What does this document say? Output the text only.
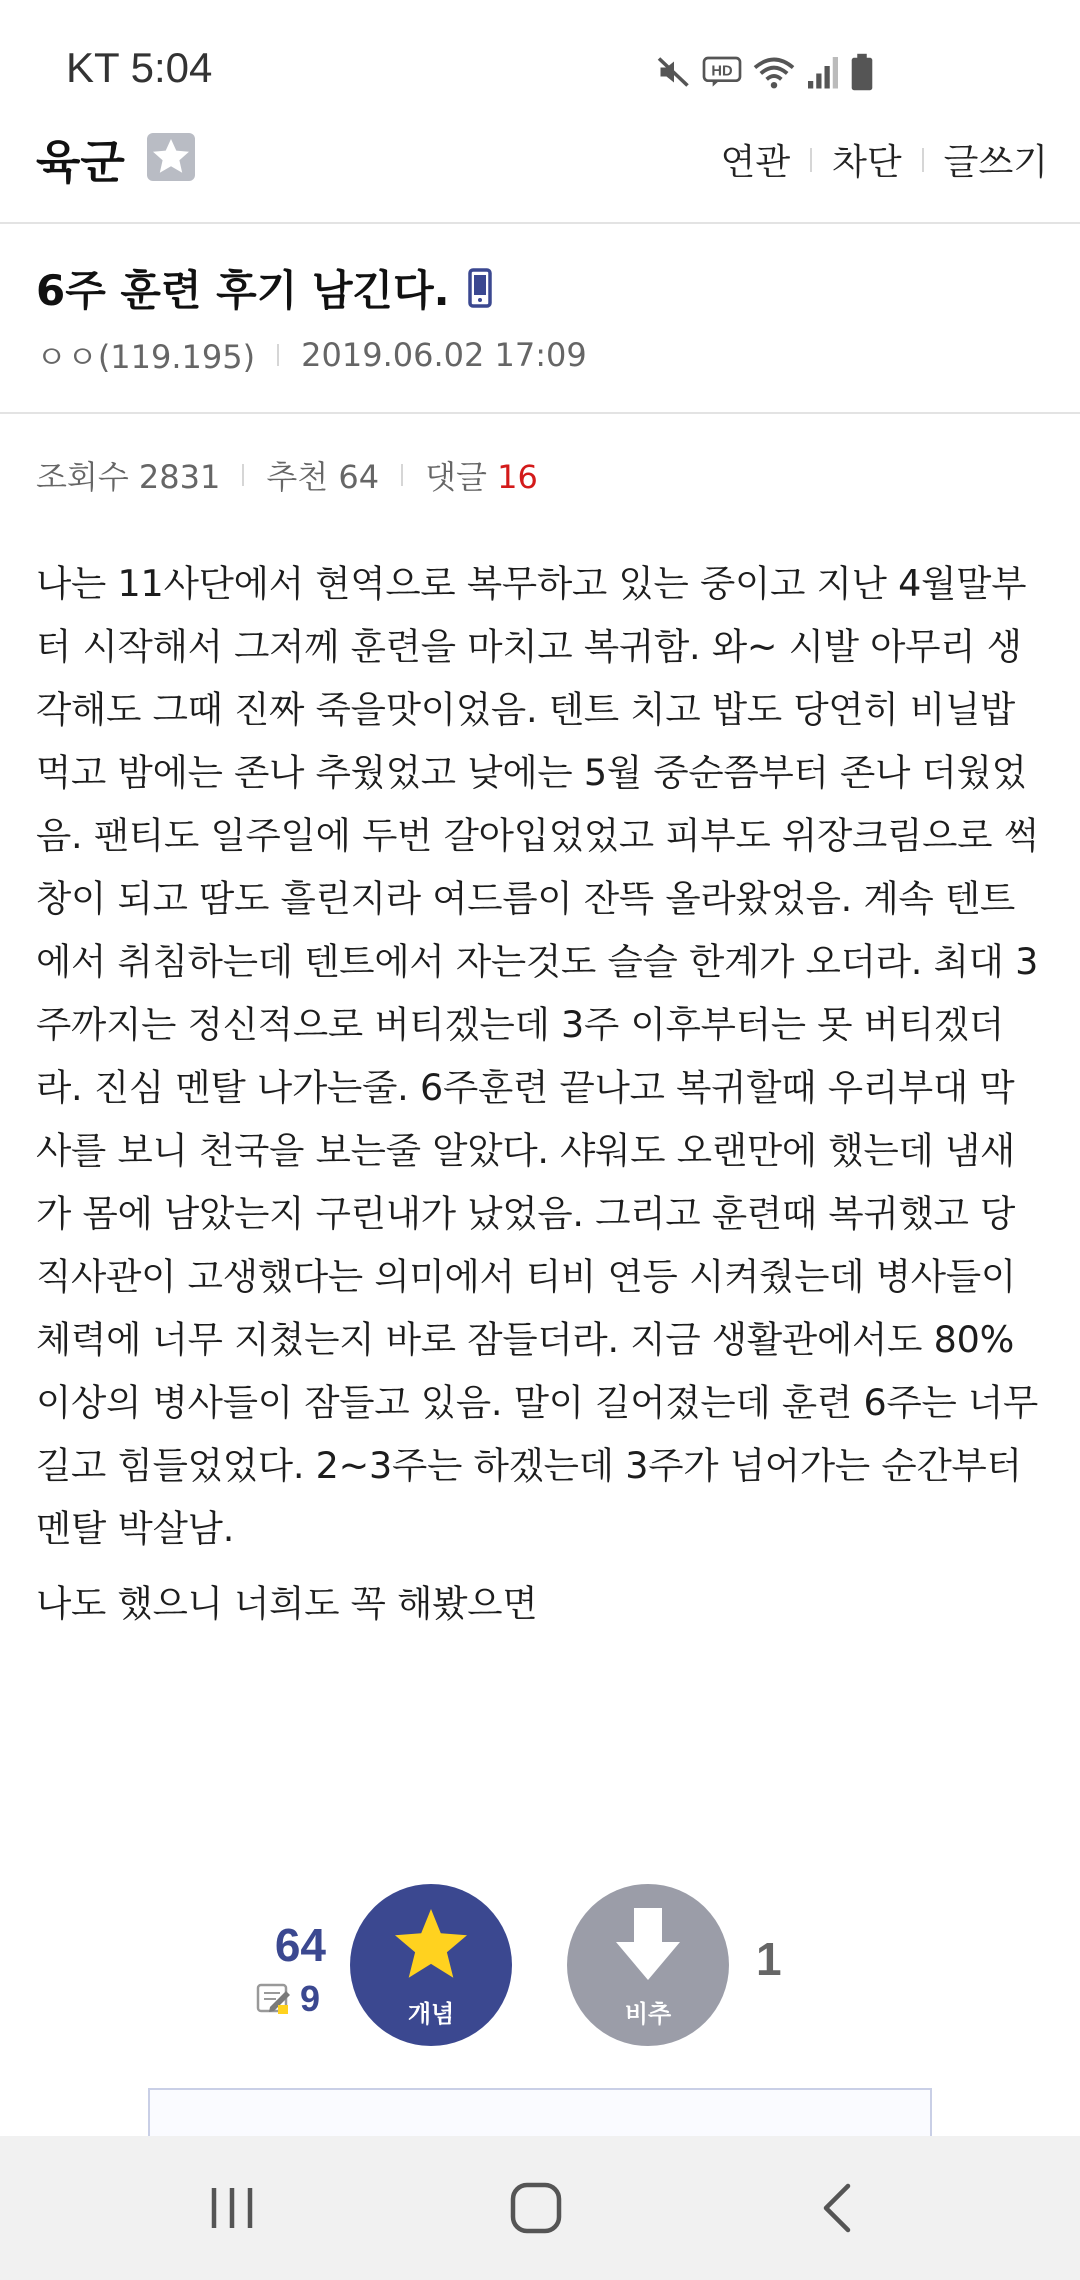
KT 5:04	HD
육군	연관 차단 글쓰기
6주 훈련 후기 남긴다.
ㅇㅇ(119.195) 2019.06.02 17:09
조회수 2831 추천 64 댓글 16

나는 11사단에서 현역으로 복무하고 있는 중이고 지난 4월말부터 시작해서 그저께 훈련을 마치고 복귀함. 와~ 시발 아무리 생각해도 그때 진짜 죽을맛이었음. 텐트 치고 밥도 당연히 비닐밥 먹고 밤에는 존나 추웠었고 낮에는 5월 중순쯤부터 존나 더웠었음. 팬티도 일주일에 두번 갈아입었었고 피부도 위장크림으로 썩창이 되고 땀도 흘린지라 여드름이 잔뜩 올라왔었음. 계속 텐트에서 취침하는데 텐트에서 자는것도 슬슬 한계가 오더라. 최대 3주까지는 정신적으로 버티겠는데 3주 이후부터는 못 버티겠더라. 진심 멘탈 나가는줄. 6주훈련 끝나고 복귀할때 우리부대 막사를 보니 천국을 보는줄 알았다. 샤워도 오랜만에 했는데 냄새가 몸에 남았는지 구린내가 났었음. 그리고 훈련때 복귀했고 당직사관이 고생했다는 의미에서 티비 연등 시켜줬는데 병사들이 체력에 너무 지쳤는지 바로 잠들더라. 지금 생활관에서도 80%이상의 병사들이 잠들고 있음. 말이 길어졌는데 훈련 6주는 너무 길고 힘들었었다. 2~3주는 하겠는데 3주가 넘어가는 순간부터 멘탈 박살남.

나도 했으니 너희도 꼭 해봤으면

64
9	개념	비추
1
